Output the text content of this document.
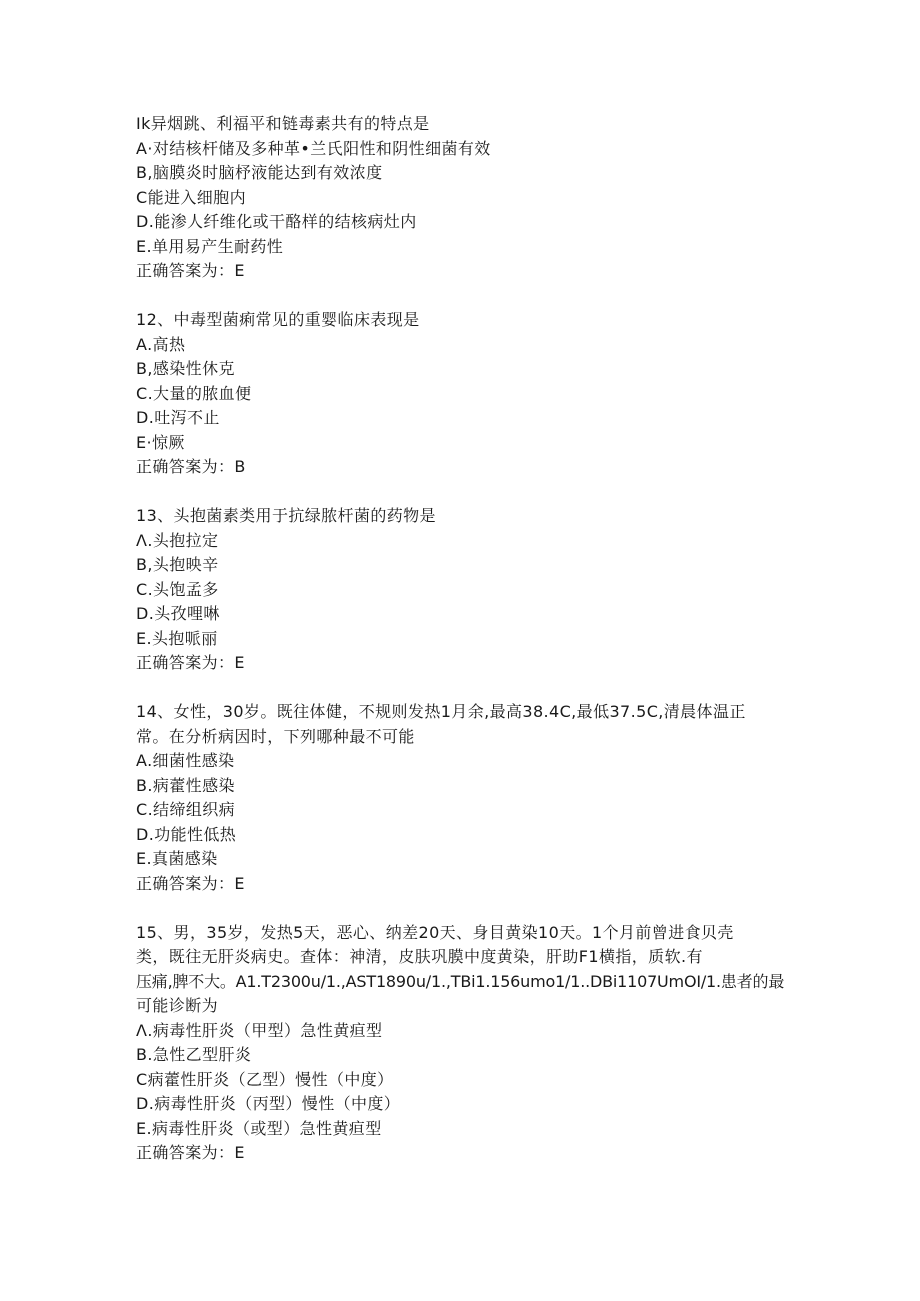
Ik异烟跳、利福平和链毒素共有的特点是
A·对结核杆储及多种革•兰氏阳性和阴性细菌有效
B,脑膜炎时脑杼液能达到有效浓度
C能进入细胞内
D.能渗人纤维化或干酪样的结核病灶内
E.单用易产生耐药性
正确答案为：E
12、中毒型菌痢常见的重婴临床表现是
A.高热
B,感染性休克
C.大量的脓血便
D.吐泻不止
E·惊厥
正确答案为：B
13、头抱菌素类用于抗绿脓杆菌的药物是
Λ.头抱拉定
B,头抱映辛
C.头饱孟多
D.头孜哩啉
E.头抱哌丽
正确答案为：E
14、女性，30岁。既往体健，不规则发热1月余,最高38.4C,最低37.5C,清晨体温正
常。在分析病因时，下列哪种最不可能
A.细菌性感染
B.病藿性感染
C.结缔组织病
D.功能性低热
E.真菌感染
正确答案为：E
15、男，35岁，发热5天，恶心、纳差20天、身目黄染10天。1个月前曾进食贝壳
类，既往无肝炎病史。查体：神清，皮肤巩膜中度黄染，肝助F1横指，质软.有
压痛,脾不大。A1.T2300u∕1.,AST1890u∕1.,TBi1.156umo1∕1..DBi1107UmOI/1.患者的最
可能诊断为
Λ.病毒性肝炎（甲型）急性黄疸型
B.急性乙型肝炎
C病藿性肝炎（乙型）慢性（中度）
D.病毒性肝炎（丙型）慢性（中度）
E.病毒性肝炎（或型）急性黄疸型
正确答案为：E
